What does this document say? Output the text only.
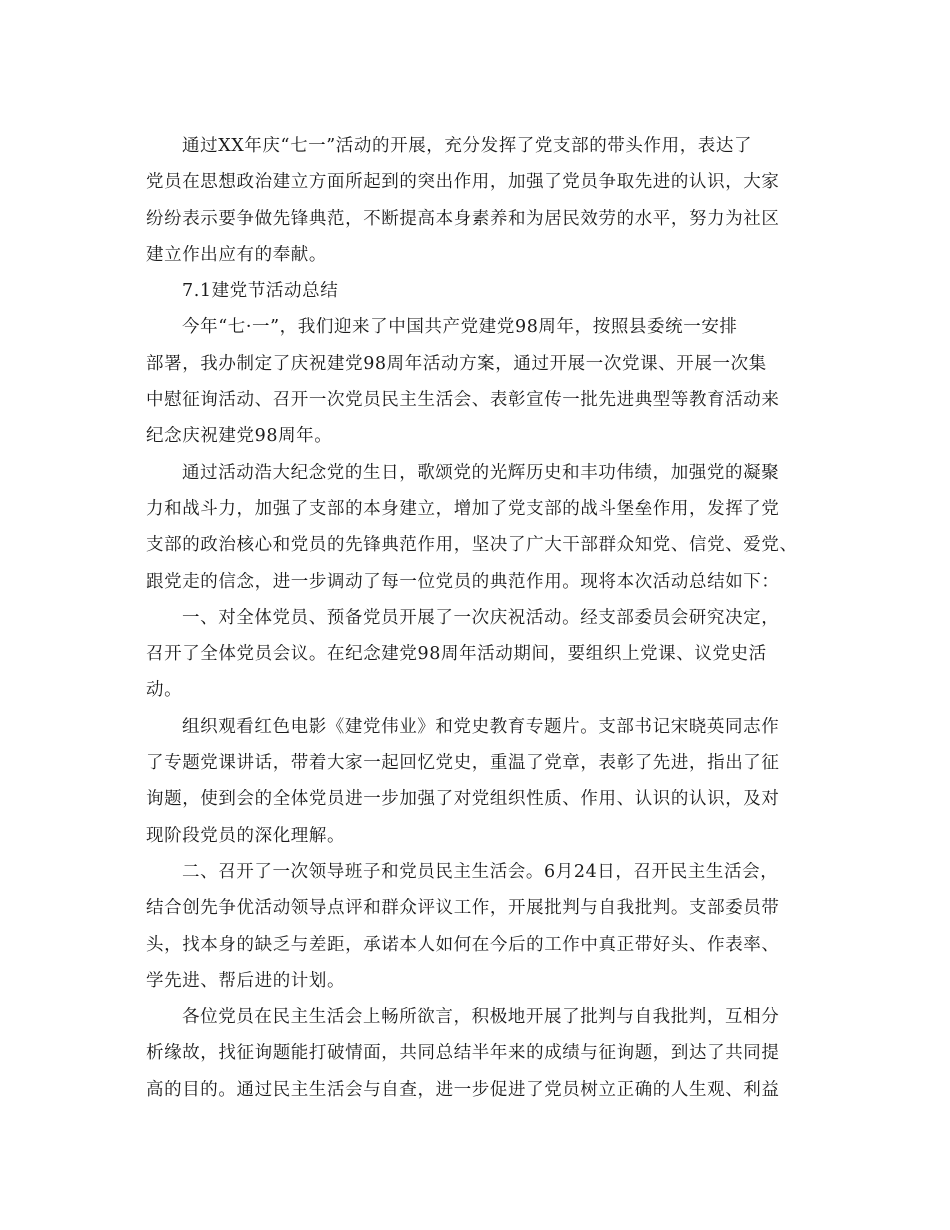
通过XX年庆“七一”活动的开展，充分发挥了党支部的带头作用，表达了
党员在思想政治建立方面所起到的突出作用，加强了党员争取先进的认识，大家
纷纷表示要争做先锋典范，不断提高本身素养和为居民效劳的水平，努力为社区
建立作出应有的奉献。
7.1建党节活动总结
今年“七·一”，我们迎来了中国共产党建党98周年，按照县委统一安排
部署，我办制定了庆祝建党98周年活动方案，通过开展一次党课、开展一次集
中慰征询活动、召开一次党员民主生活会、表彰宣传一批先进典型等教育活动来
纪念庆祝建党98周年。
通过活动浩大纪念党的生日，歌颂党的光辉历史和丰功伟绩，加强党的凝聚
力和战斗力，加强了支部的本身建立，增加了党支部的战斗堡垒作用，发挥了党
支部的政治核心和党员的先锋典范作用，坚决了广大干部群众知党、信党、爱党、
跟党走的信念，进一步调动了每一位党员的典范作用。现将本次活动总结如下：
一、对全体党员、预备党员开展了一次庆祝活动。经支部委员会研究决定，
召开了全体党员会议。在纪念建党98周年活动期间，要组织上党课、议党史活
动。
组织观看红色电影《建党伟业》和党史教育专题片。支部书记宋晓英同志作
了专题党课讲话，带着大家一起回忆党史，重温了党章，表彰了先进，指出了征
询题，使到会的全体党员进一步加强了对党组织性质、作用、认识的认识，及对
现阶段党员的深化理解。
二、召开了一次领导班子和党员民主生活会。6月24日，召开民主生活会，
结合创先争优活动领导点评和群众评议工作，开展批判与自我批判。支部委员带
头，找本身的缺乏与差距，承诺本人如何在今后的工作中真正带好头、作表率、
学先进、帮后进的计划。
各位党员在民主生活会上畅所欲言，积极地开展了批判与自我批判，互相分
析缘故，找征询题能打破情面，共同总结半年来的成绩与征询题，到达了共同提
高的目的。通过民主生活会与自查，进一步促进了党员树立正确的人生观、利益
